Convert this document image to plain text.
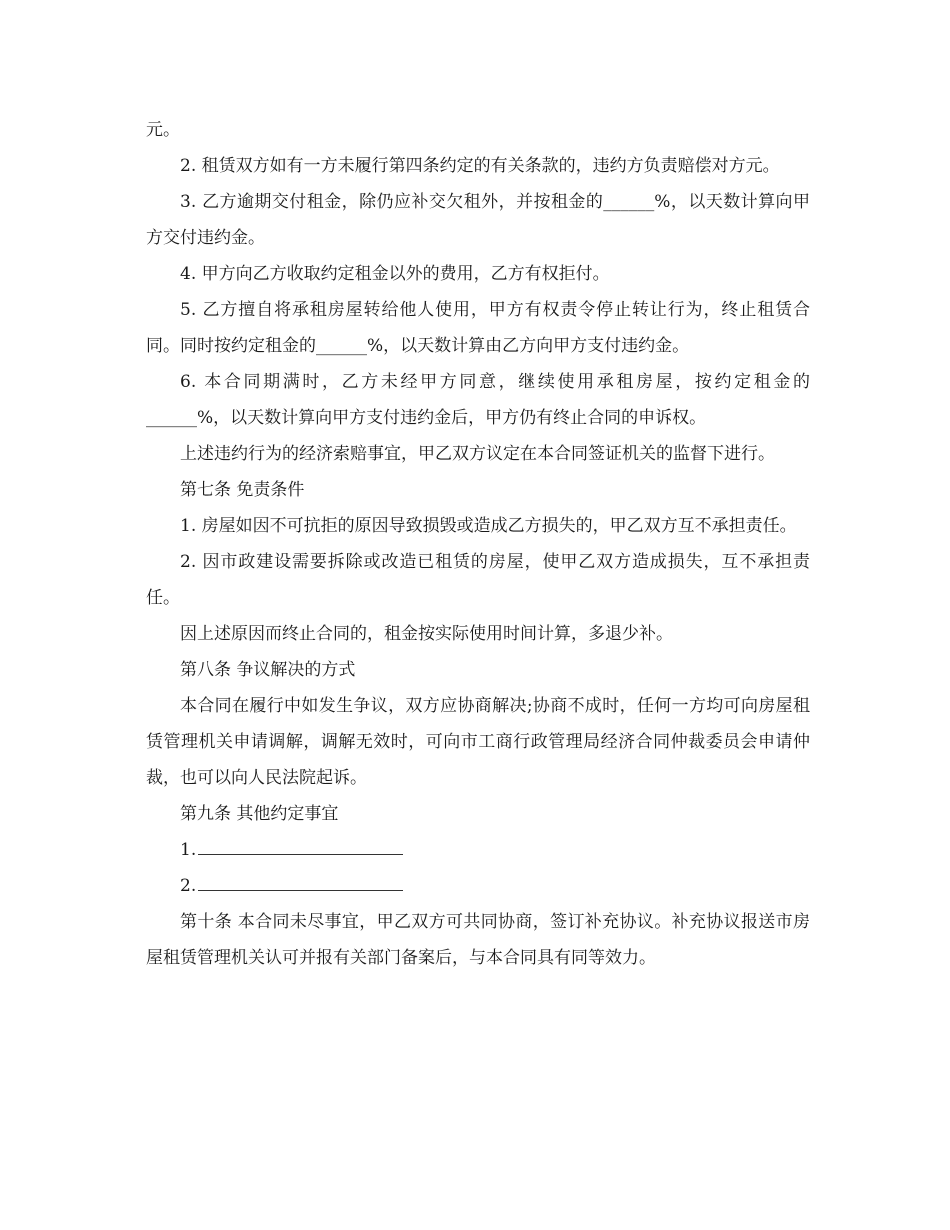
元。

2. 租赁双方如有一方未履行第四条约定的有关条款的，违约方负责赔偿对方元。

3. 乙方逾期交付租金，除仍应补交欠租外，并按租金的______%，以天数计算向甲方交付违约金。

4. 甲方向乙方收取约定租金以外的费用，乙方有权拒付。

5. 乙方擅自将承租房屋转给他人使用，甲方有权责令停止转让行为，终止租赁合同。同时按约定租金的______%，以天数计算由乙方向甲方支付违约金。

6. 本合同期满时，乙方未经甲方同意，继续使用承租房屋，按约定租金的______%，以天数计算向甲方支付违约金后，甲方仍有终止合同的申诉权。

上述违约行为的经济索赔事宜，甲乙双方议定在本合同签证机关的监督下进行。

第七条 免责条件

1. 房屋如因不可抗拒的原因导致损毁或造成乙方损失的，甲乙双方互不承担责任。

2. 因市政建设需要拆除或改造已租赁的房屋，使甲乙双方造成损失，互不承担责任。

因上述原因而终止合同的，租金按实际使用时间计算，多退少补。

第八条 争议解决的方式

本合同在履行中如发生争议，双方应协商解决;协商不成时，任何一方均可向房屋租赁管理机关申请调解，调解无效时，可向市工商行政管理局经济合同仲裁委员会申请仲裁，也可以向人民法院起诉。

第九条 其他约定事宜

1.

2.

第十条 本合同未尽事宜，甲乙双方可共同协商，签订补充协议。补充协议报送市房屋租赁管理机关认可并报有关部门备案后，与本合同具有同等效力。
